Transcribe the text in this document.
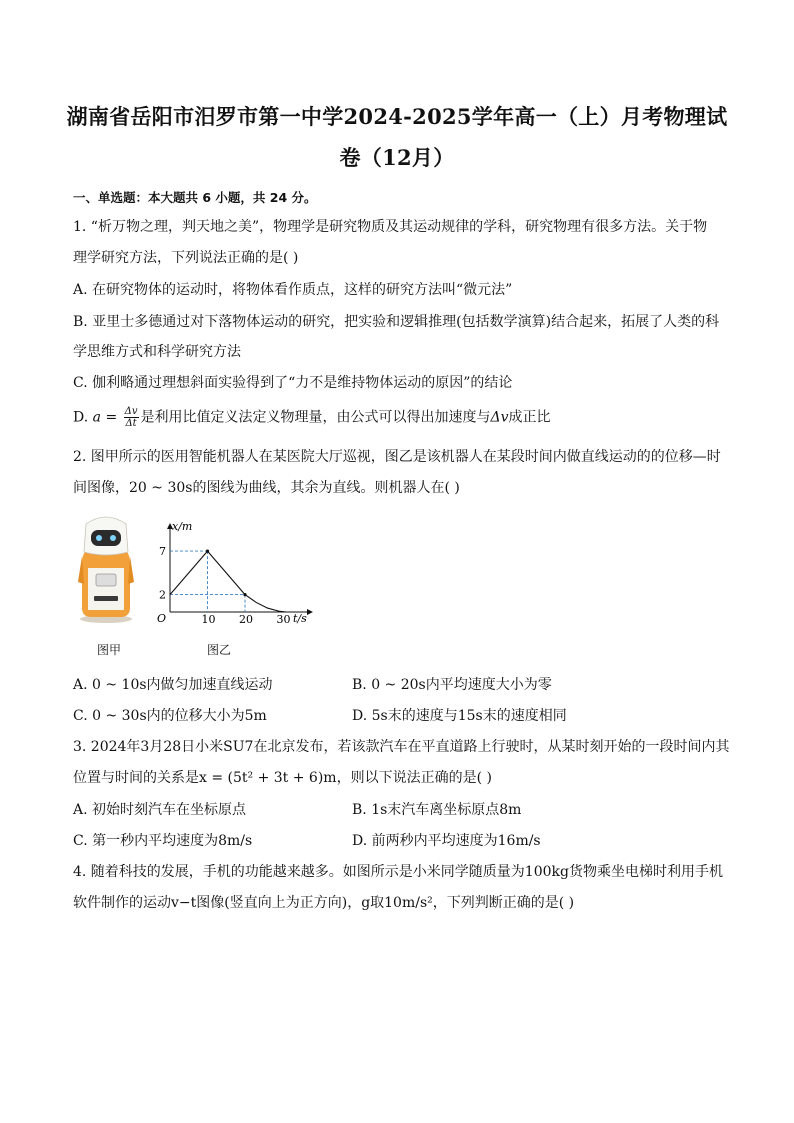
湖南省岳阳市汨罗市第一中学2024-2025学年高一（上）月考物理试
卷（12月）
一、单选题：本大题共 6 小题，共 24 分。
1. “析万物之理，判天地之美”，物理学是研究物质及其运动规律的学科，研究物理有很多方法。关于物
理学研究方法，下列说法正确的是( )
A. 在研究物体的运动时，将物体看作质点，这样的研究方法叫“微元法”
B. 亚里士多德通过对下落物体运动的研究，把实验和逻辑推理(包括数学演算)结合起来，拓展了人类的科
学思维方式和科学研究方法
C. 伽利略通过理想斜面实验得到了“力不是维持物体运动的原因”的结论
D. $a = \frac{\Delta v}{\Delta t}$ 是利用比值定义法定义物理量，由公式可以得出加速度与Δv成正比
2. 图甲所示的医用智能机器人在某医院大厅巡视，图乙是该机器人在某段时间内做直线运动的的位移—时
间图像，20 ~ 30s的图线为曲线，其余为直线。则机器人在( )
图甲
x/m
t/s
O	10 20 30
2
7
图乙
A. 0 ~ 10s内做匀加速直线运动	B. 0 ~ 20s内平均速度大小为零
C. 0 ~ 30s内的位移大小为5m	D. 5s末的速度与15s末的速度相同
3. 2024年3月28日小米SU7在北京发布，若该款汽车在平直道路上行驶时，从某时刻开始的一段时间内其
位置与时间的关系是x = (5t² + 3t + 6)m，则以下说法正确的是( )
A. 初始时刻汽车在坐标原点	B. 1s末汽车离坐标原点8m
C. 第一秒内平均速度为8m/s	D. 前两秒内平均速度为16m/s
4. 随着科技的发展，手机的功能越来越多。如图所示是小米同学随质量为100kg货物乘坐电梯时利用手机
软件制作的运动v−t图像(竖直向上为正方向)，g取10m/s²，下列判断正确的是( )
